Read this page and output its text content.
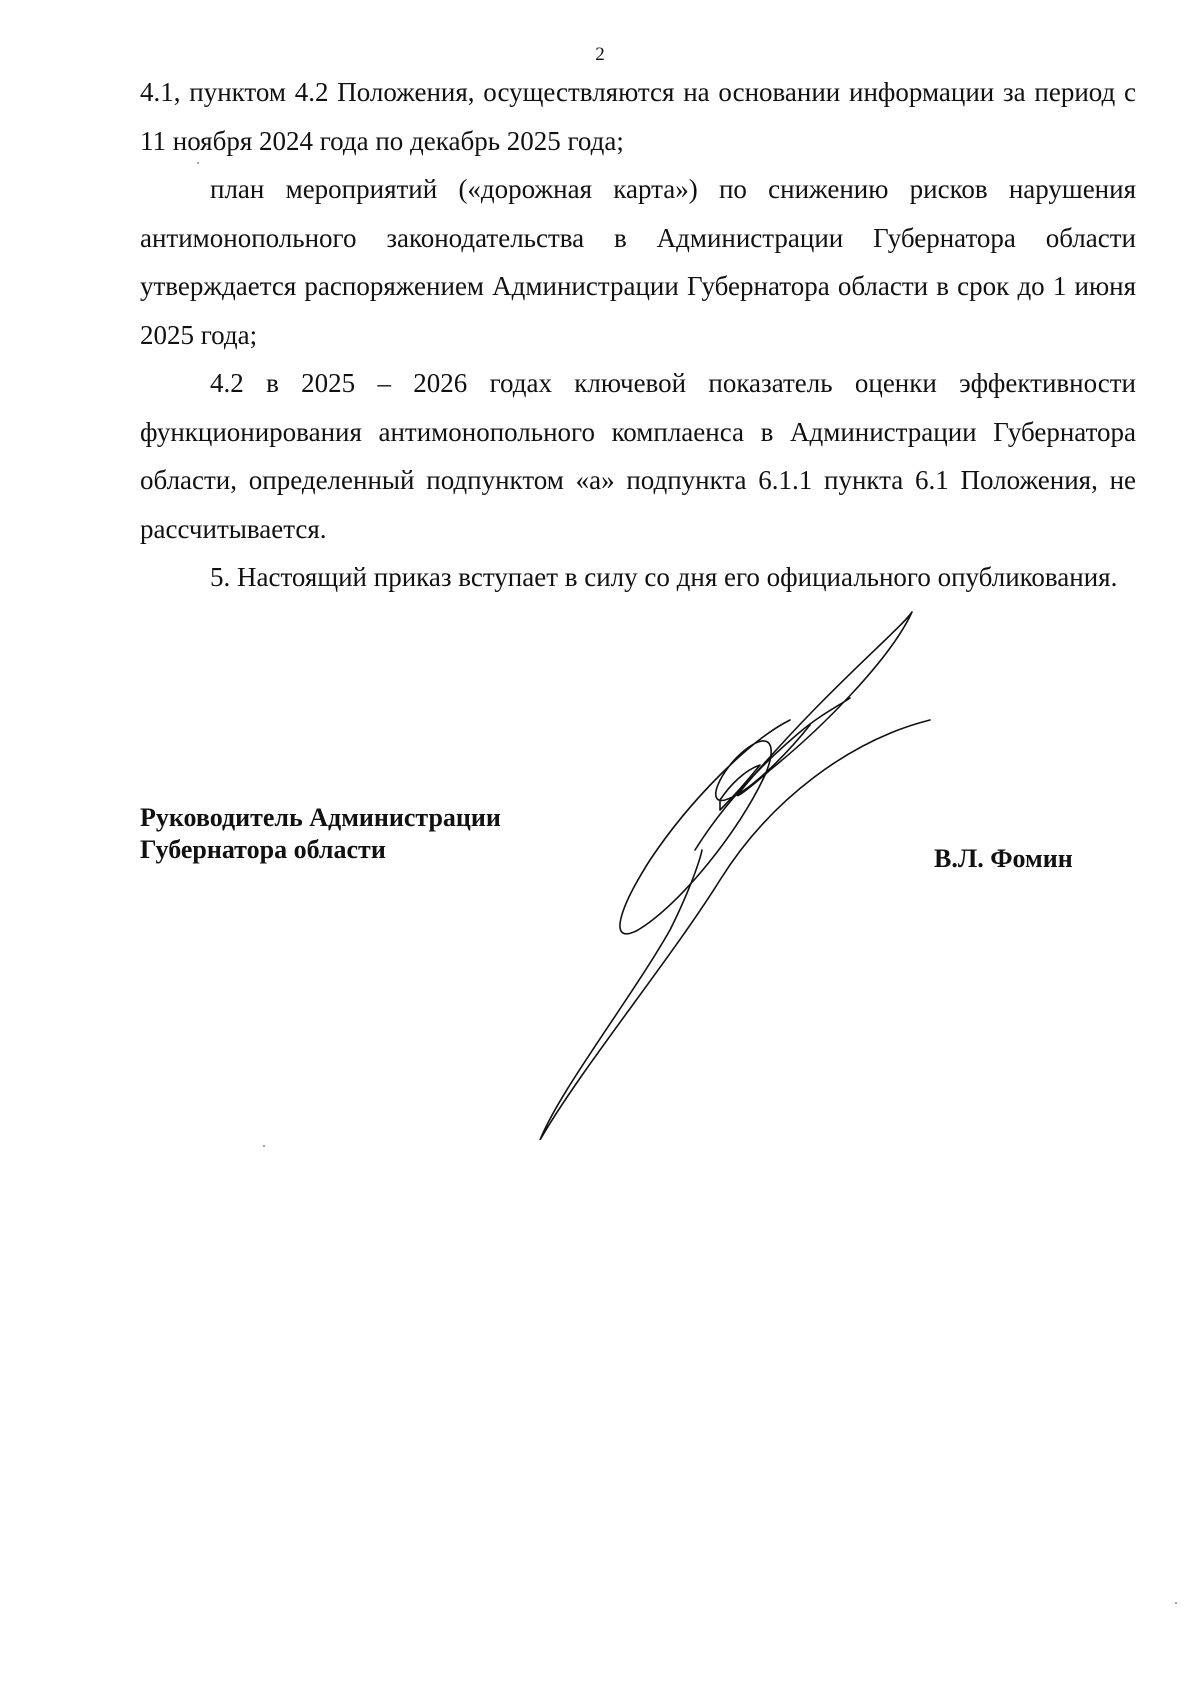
2

4.1, пунктом 4.2 Положения, осуществляются на основании информации за период с 11 ноября 2024 года по декабрь 2025 года;

план мероприятий («дорожная карта») по снижению рисков нарушения антимонопольного законодательства в Администрации Губернатора области утверждается распоряжением Администрации Губернатора области в срок до 1 июня 2025 года;

4.2 в 2025 – 2026 годах ключевой показатель оценки эффективности функционирования антимонопольного комплаенса в Администрации Губернатора области, определенный подпунктом «а» подпункта 6.1.1 пункта 6.1 Положения, не рассчитывается.

5. Настоящий приказ вступает в силу со дня его официального опубликования.

Руководитель Администрации
Губернатора области	В.Л. Фомин
